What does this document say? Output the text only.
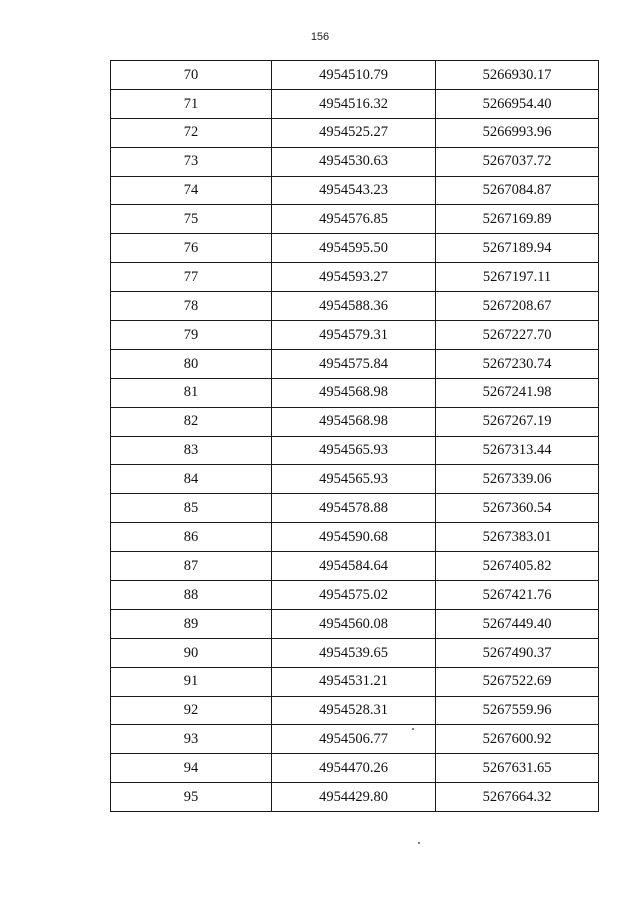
156
70	4954510.79	5266930.17
71	4954516.32	5266954.40
72	4954525.27	5266993.96
73	4954530.63	5267037.72
74	4954543.23	5267084.87
75	4954576.85	5267169.89
76	4954595.50	5267189.94
77	4954593.27	5267197.11
78	4954588.36	5267208.67
79	4954579.31	5267227.70
80	4954575.84	5267230.74
81	4954568.98	5267241.98
82	4954568.98	5267267.19
83	4954565.93	5267313.44
84	4954565.93	5267339.06
85	4954578.88	5267360.54
86	4954590.68	5267383.01
87	4954584.64	5267405.82
88	4954575.02	5267421.76
89	4954560.08	5267449.40
90	4954539.65	5267490.37
91	4954531.21	5267522.69
92	4954528.31	5267559.96
93	4954506.77	5267600.92
94	4954470.26	5267631.65
95	4954429.80	5267664.32
